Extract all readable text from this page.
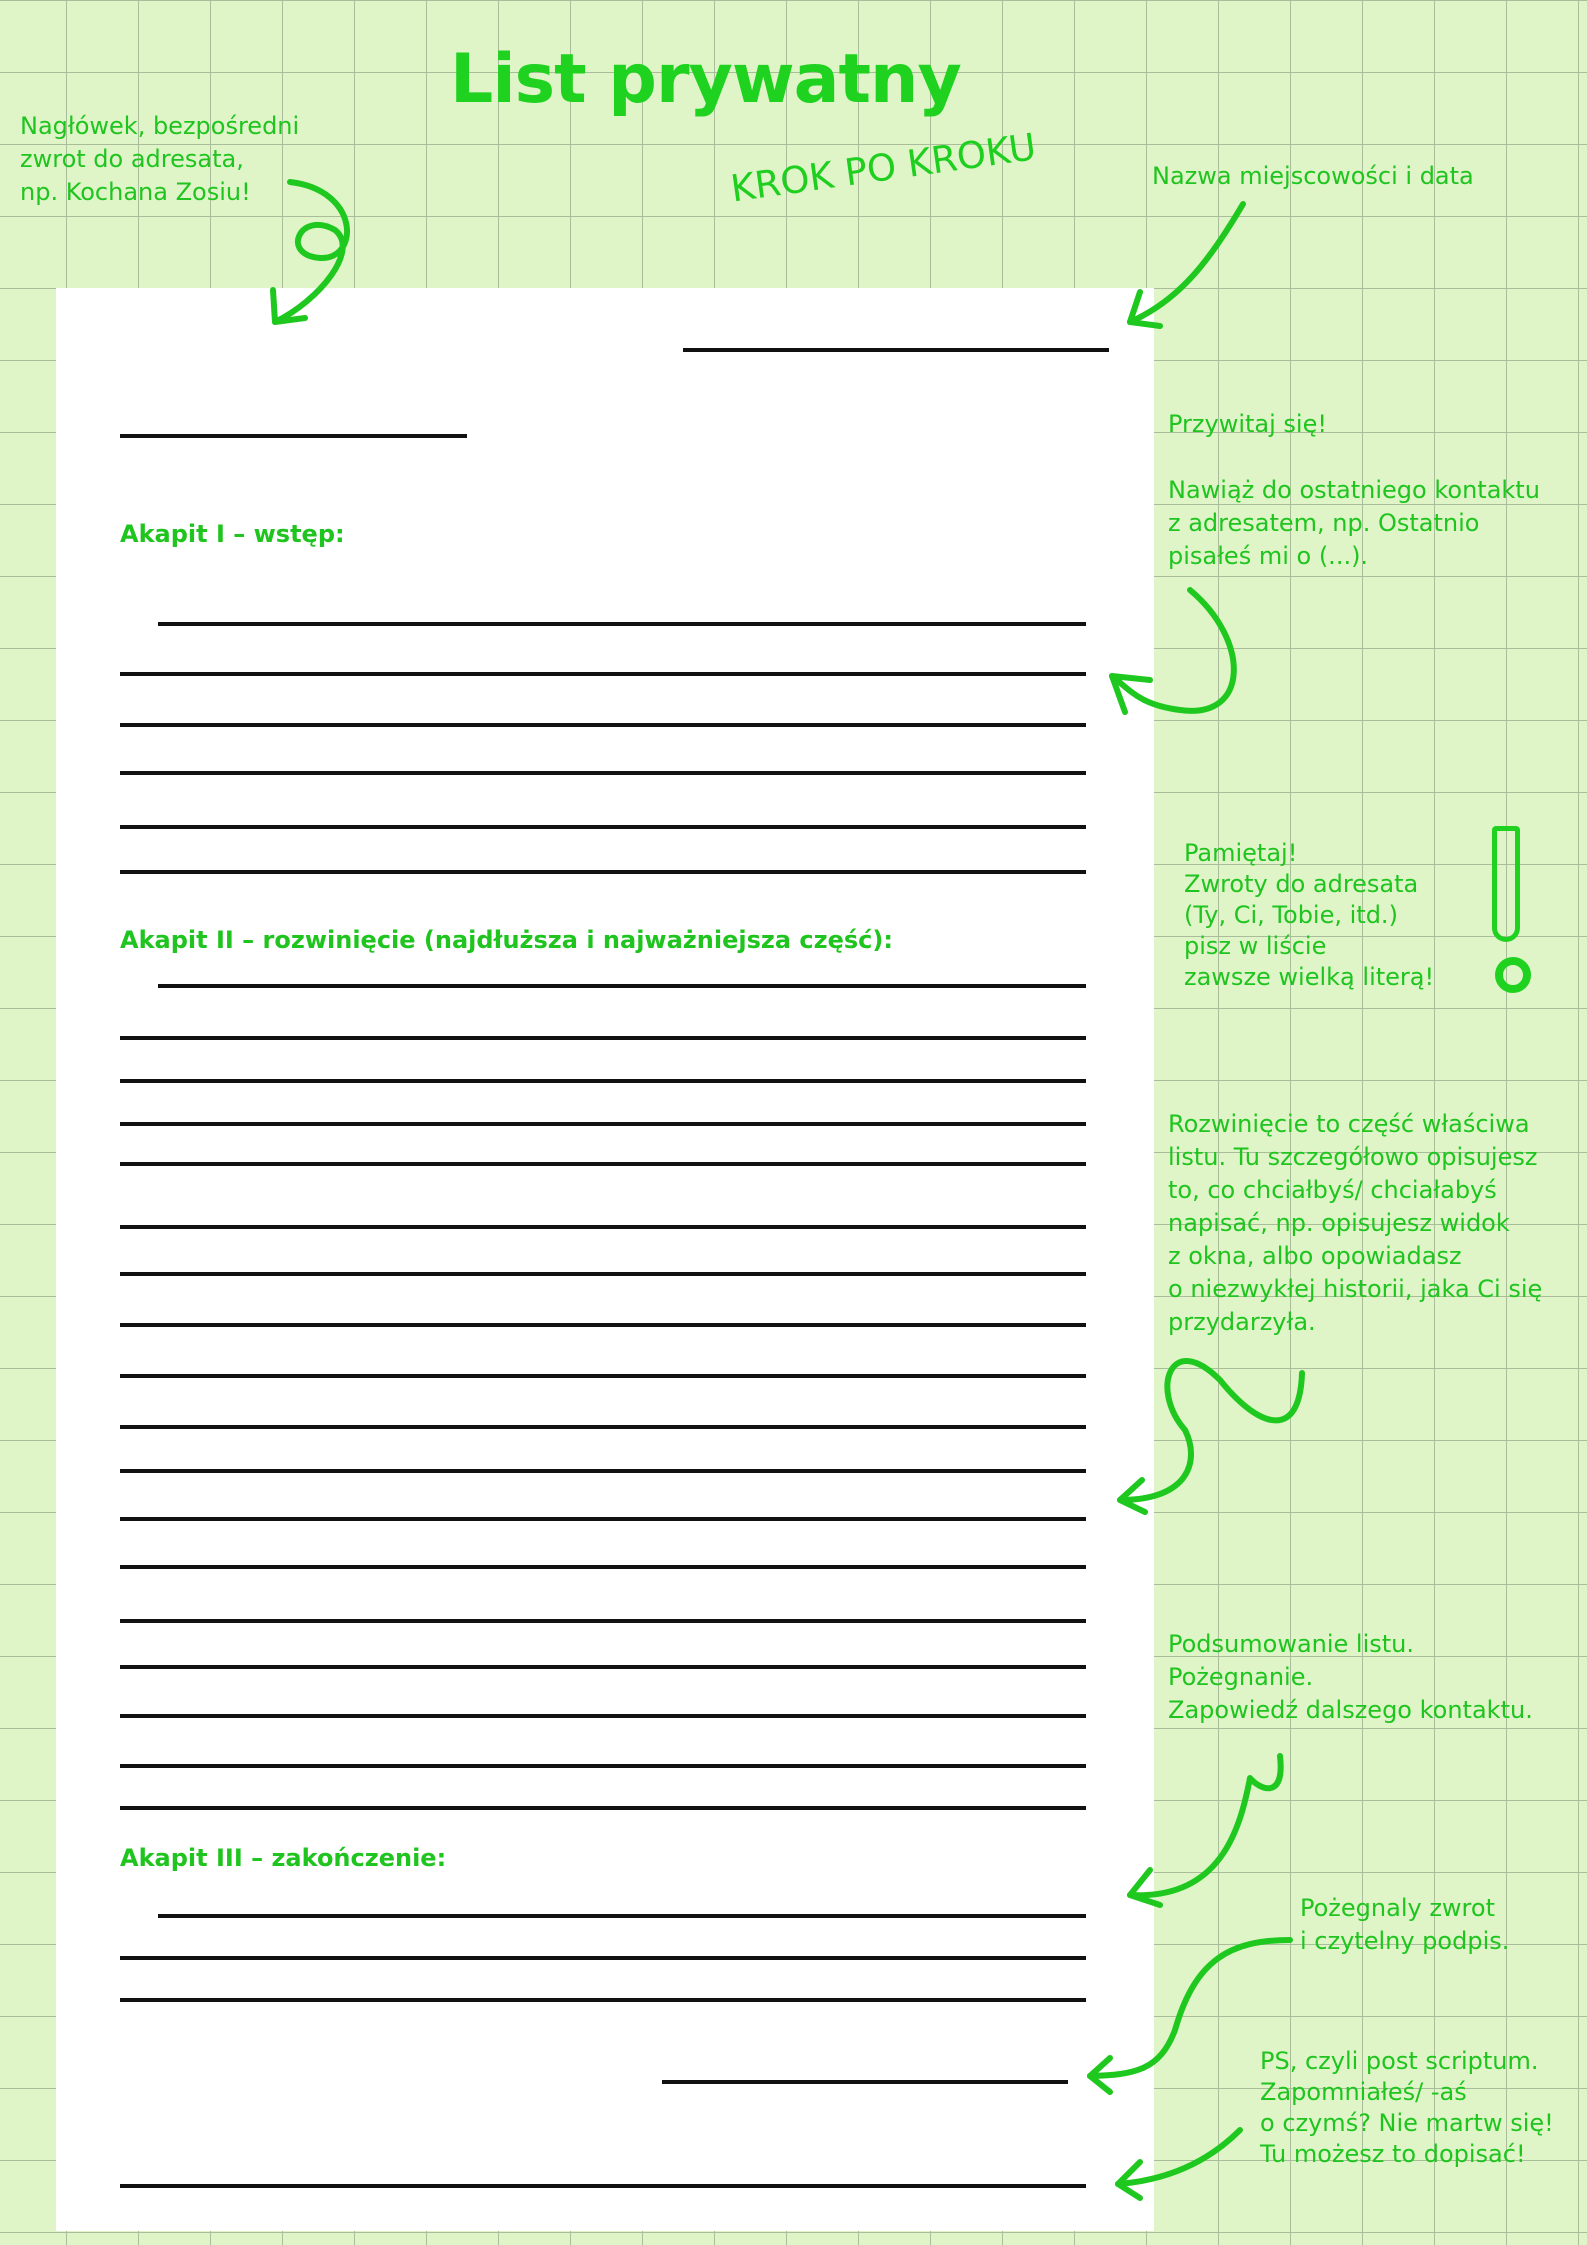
List prywatny
KROK PO KROKU
Nagłówek, bezpośredni
zwrot do adresata,
np. Kochana Zosiu!
Nazwa miejscowości i data
Akapit I – wstęp:
Akapit II – rozwinięcie (najdłuższa i najważniejsza część):
Akapit III – zakończenie:
Przywitaj się!

Nawiąż do ostatniego kontaktu
z adresatem, np. Ostatnio
pisałeś mi o (...).
Pamiętaj!
Zwroty do adresata
(Ty, Ci, Tobie, itd.)
pisz w liście
zawsze wielką literą!
Rozwinięcie to część właściwa
listu. Tu szczegółowo opisujesz
to, co chciałbyś/ chciałabyś
napisać, np. opisujesz widok
z okna, albo opowiadasz
o niezwykłej historii, jaka Ci się
przydarzyła.
Podsumowanie listu.
Pożegnanie.
Zapowiedź dalszego kontaktu.
Pożegnaly zwrot
i czytelny podpis.
PS, czyli post scriptum.
Zapomniałeś/ -aś
o czymś? Nie martw się!
Tu możesz to dopisać!
